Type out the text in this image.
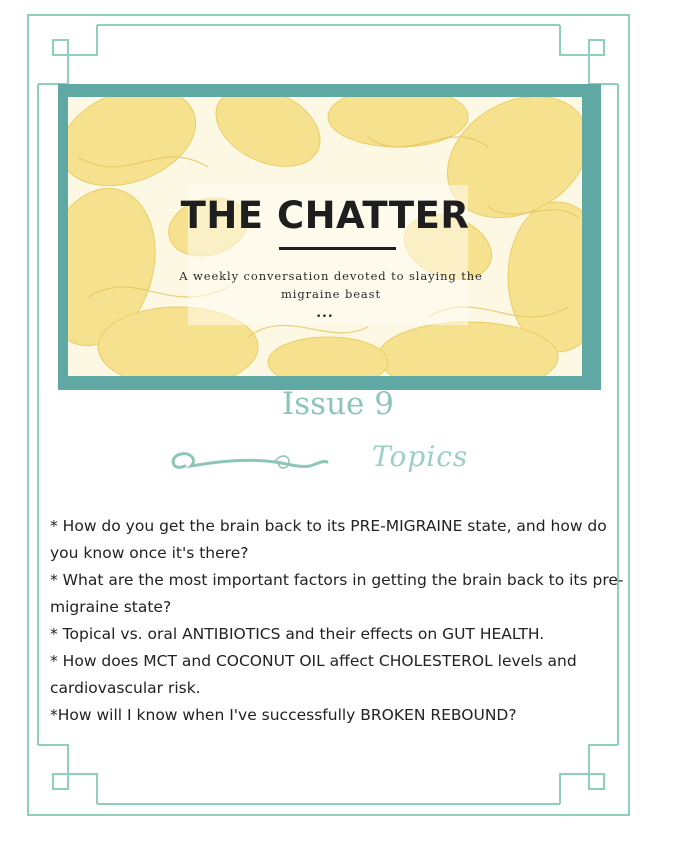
THE CHATTER
A weekly conversation devoted to slaying the migraine beast
...
Issue 9
Topics

* How do you get the brain back to its PRE-MIGRAINE state, and how do you know once it's there?

* What are the most important factors in getting the brain back to its pre-migraine state?

* Topical vs. oral ANTIBIOTICS and their effects on GUT HEALTH.

* How does MCT and COCONUT OIL affect CHOLESTEROL levels and cardiovascular risk.

*How will I know when I've successfully BROKEN REBOUND?
